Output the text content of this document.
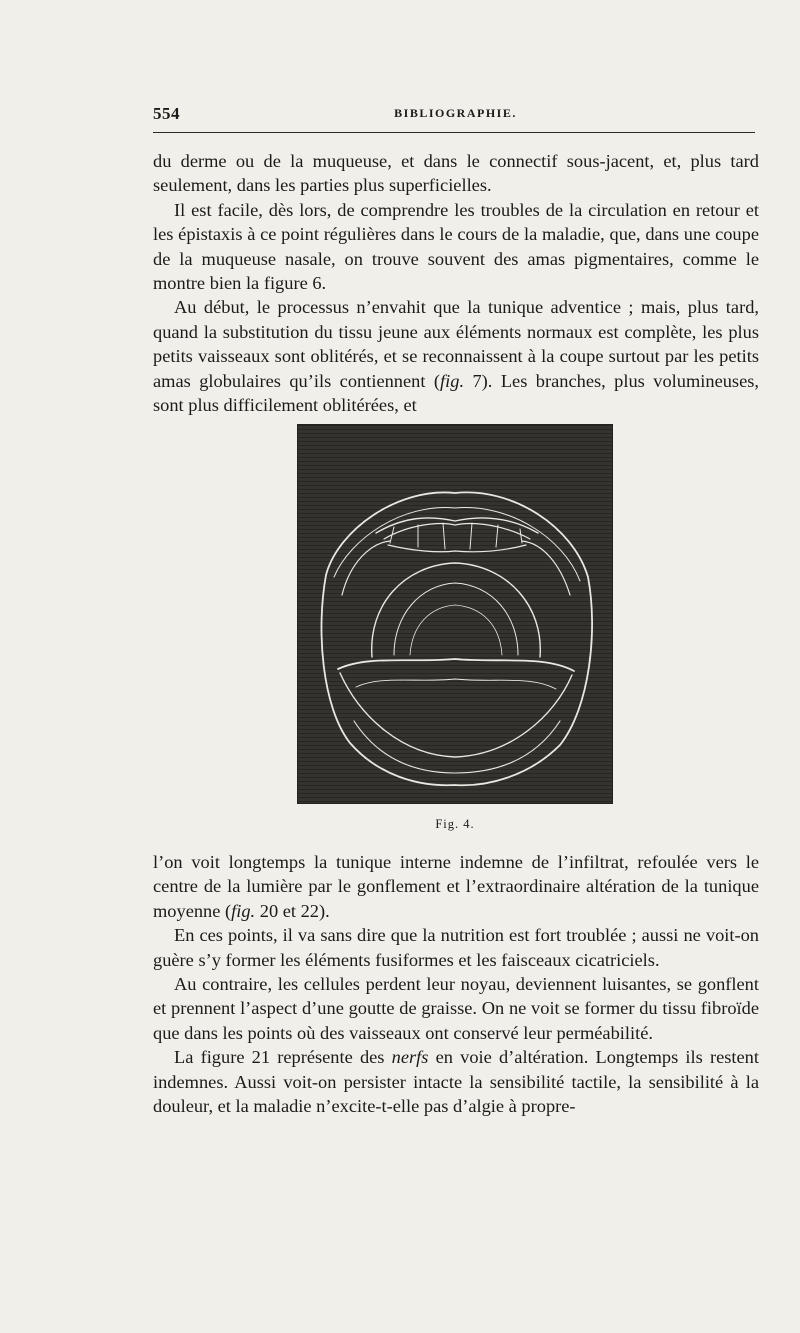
554	BIBLIOGRAPHIE.

du derme ou de la muqueuse, et dans le connectif sous-jacent, et, plus tard seulement, dans les parties plus superficielles.

Il est facile, dès lors, de comprendre les troubles de la circulation en retour et les épistaxis à ce point régulières dans le cours de la maladie, que, dans une coupe de la muqueuse nasale, on trouve souvent des amas pigmentaires, comme le montre bien la figure 6.

Au début, le processus n’envahit que la tunique adventice ; mais, plus tard, quand la substitution du tissu jeune aux éléments normaux est complète, les plus petits vaisseaux sont oblitérés, et se reconnaissent à la coupe surtout par les petits amas globulaires qu’ils contiennent (fig. 7). Les branches, plus volumineuses, sont plus difficilement oblitérées, et

Fig. 4.

l’on voit longtemps la tunique interne indemne de l’infiltrat, refoulée vers le centre de la lumière par le gonflement et l’extraordinaire altération de la tunique moyenne (fig. 20 et 22).

En ces points, il va sans dire que la nutrition est fort troublée ; aussi ne voit-on guère s’y former les éléments fusiformes et les faisceaux cicatriciels.

Au contraire, les cellules perdent leur noyau, deviennent luisantes, se gonflent et prennent l’aspect d’une goutte de graisse. On ne voit se former du tissu fibroïde que dans les points où des vaisseaux ont conservé leur perméabilité.

La figure 21 représente des nerfs en voie d’altération. Longtemps ils restent indemnes. Aussi voit-on persister intacte la sensibilité tactile, la sensibilité à la douleur, et la maladie n’excite-t-elle pas d’algie à propre-
